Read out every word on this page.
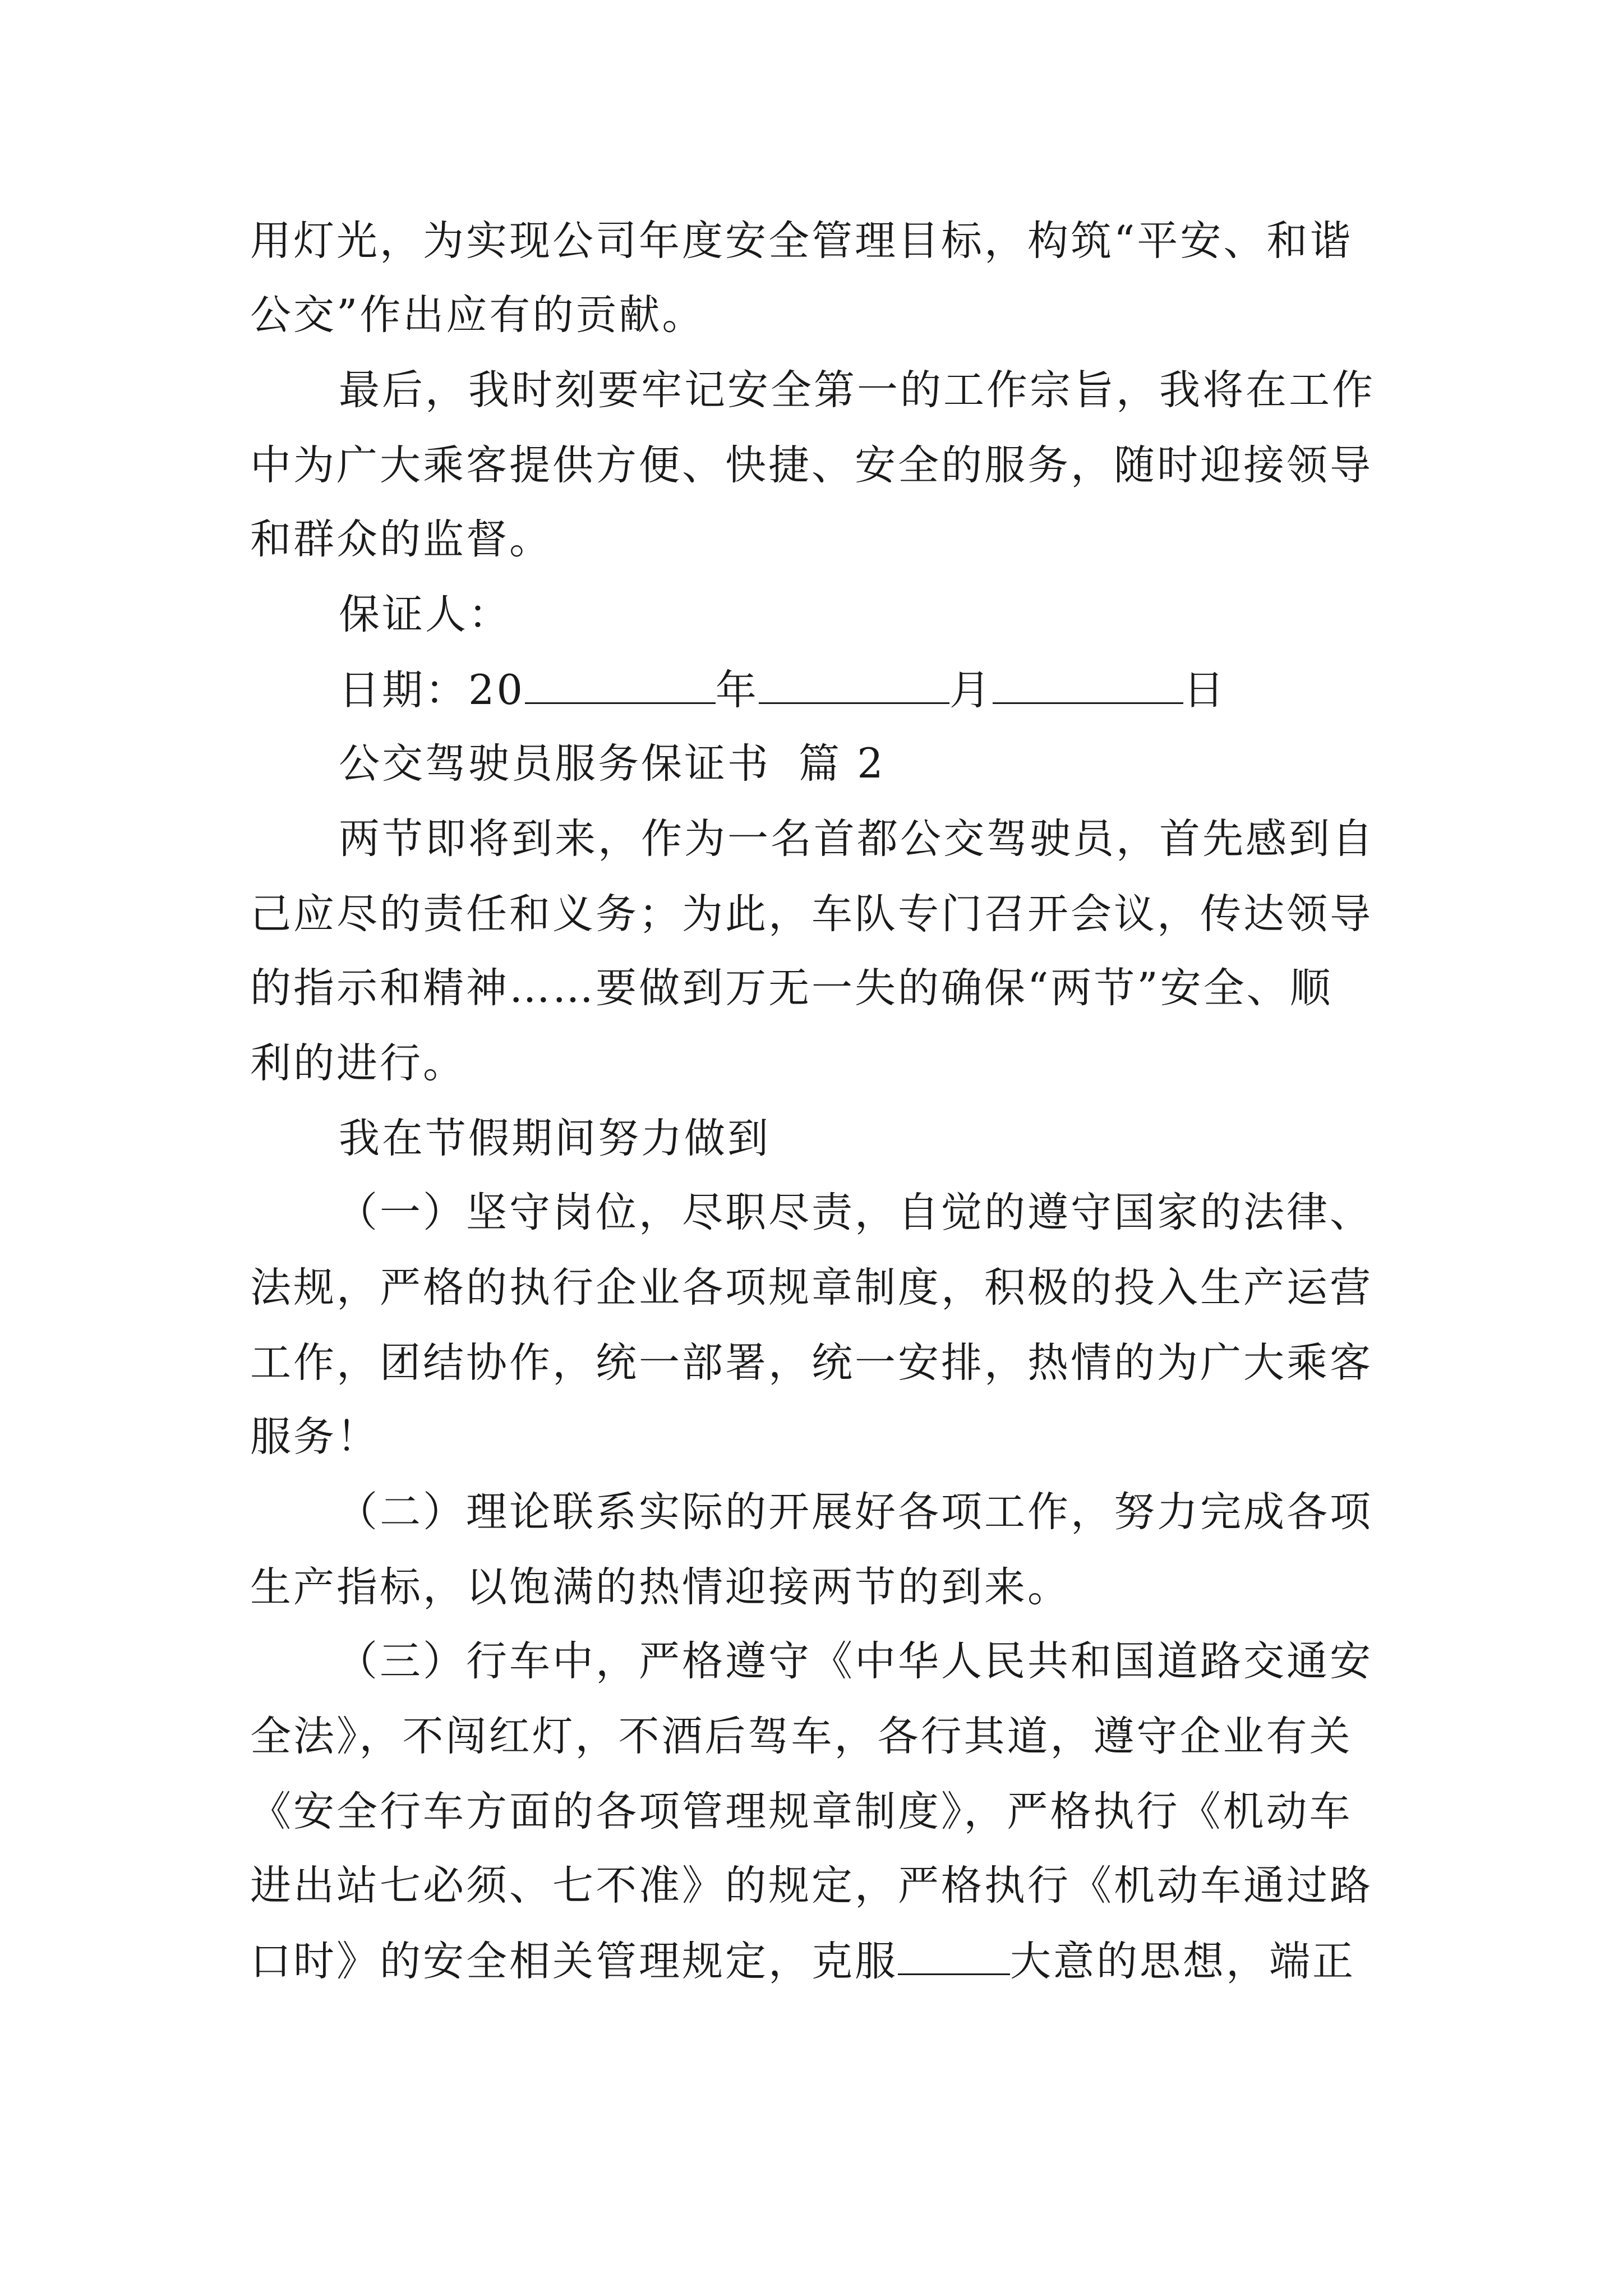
用灯光，为实现公司年度安全管理目标，构筑“平安、和谐
公交”作出应有的贡献。
最后，我时刻要牢记安全第一的工作宗旨，我将在工作
中为广大乘客提供方便、快捷、安全的服务，随时迎接领导
和群众的监督。
保证人：
日期：20	年	月	日
公交驾驶员服务保证书 篇 2
两节即将到来，作为一名首都公交驾驶员，首先感到自
己应尽的责任和义务；为此，车队专门召开会议，传达领导
的指示和精神……要做到万无一失的确保“两节”安全、顺
利的进行。
我在节假期间努力做到
（一）坚守岗位，尽职尽责，自觉的遵守国家的法律、
法规，严格的执行企业各项规章制度，积极的投入生产运营
工作，团结协作，统一部署，统一安排，热情的为广大乘客
服务！
（二）理论联系实际的开展好各项工作，努力完成各项
生产指标，以饱满的热情迎接两节的到来。
（三）行车中，严格遵守《中华人民共和国道路交通安
全法》，不闯红灯，不酒后驾车，各行其道，遵守企业有关
《安全行车方面的各项管理规章制度》，严格执行《机动车
进出站七必须、七不准》的规定，严格执行《机动车通过路
口时》的安全相关管理规定，克服	大意的思想，端正
